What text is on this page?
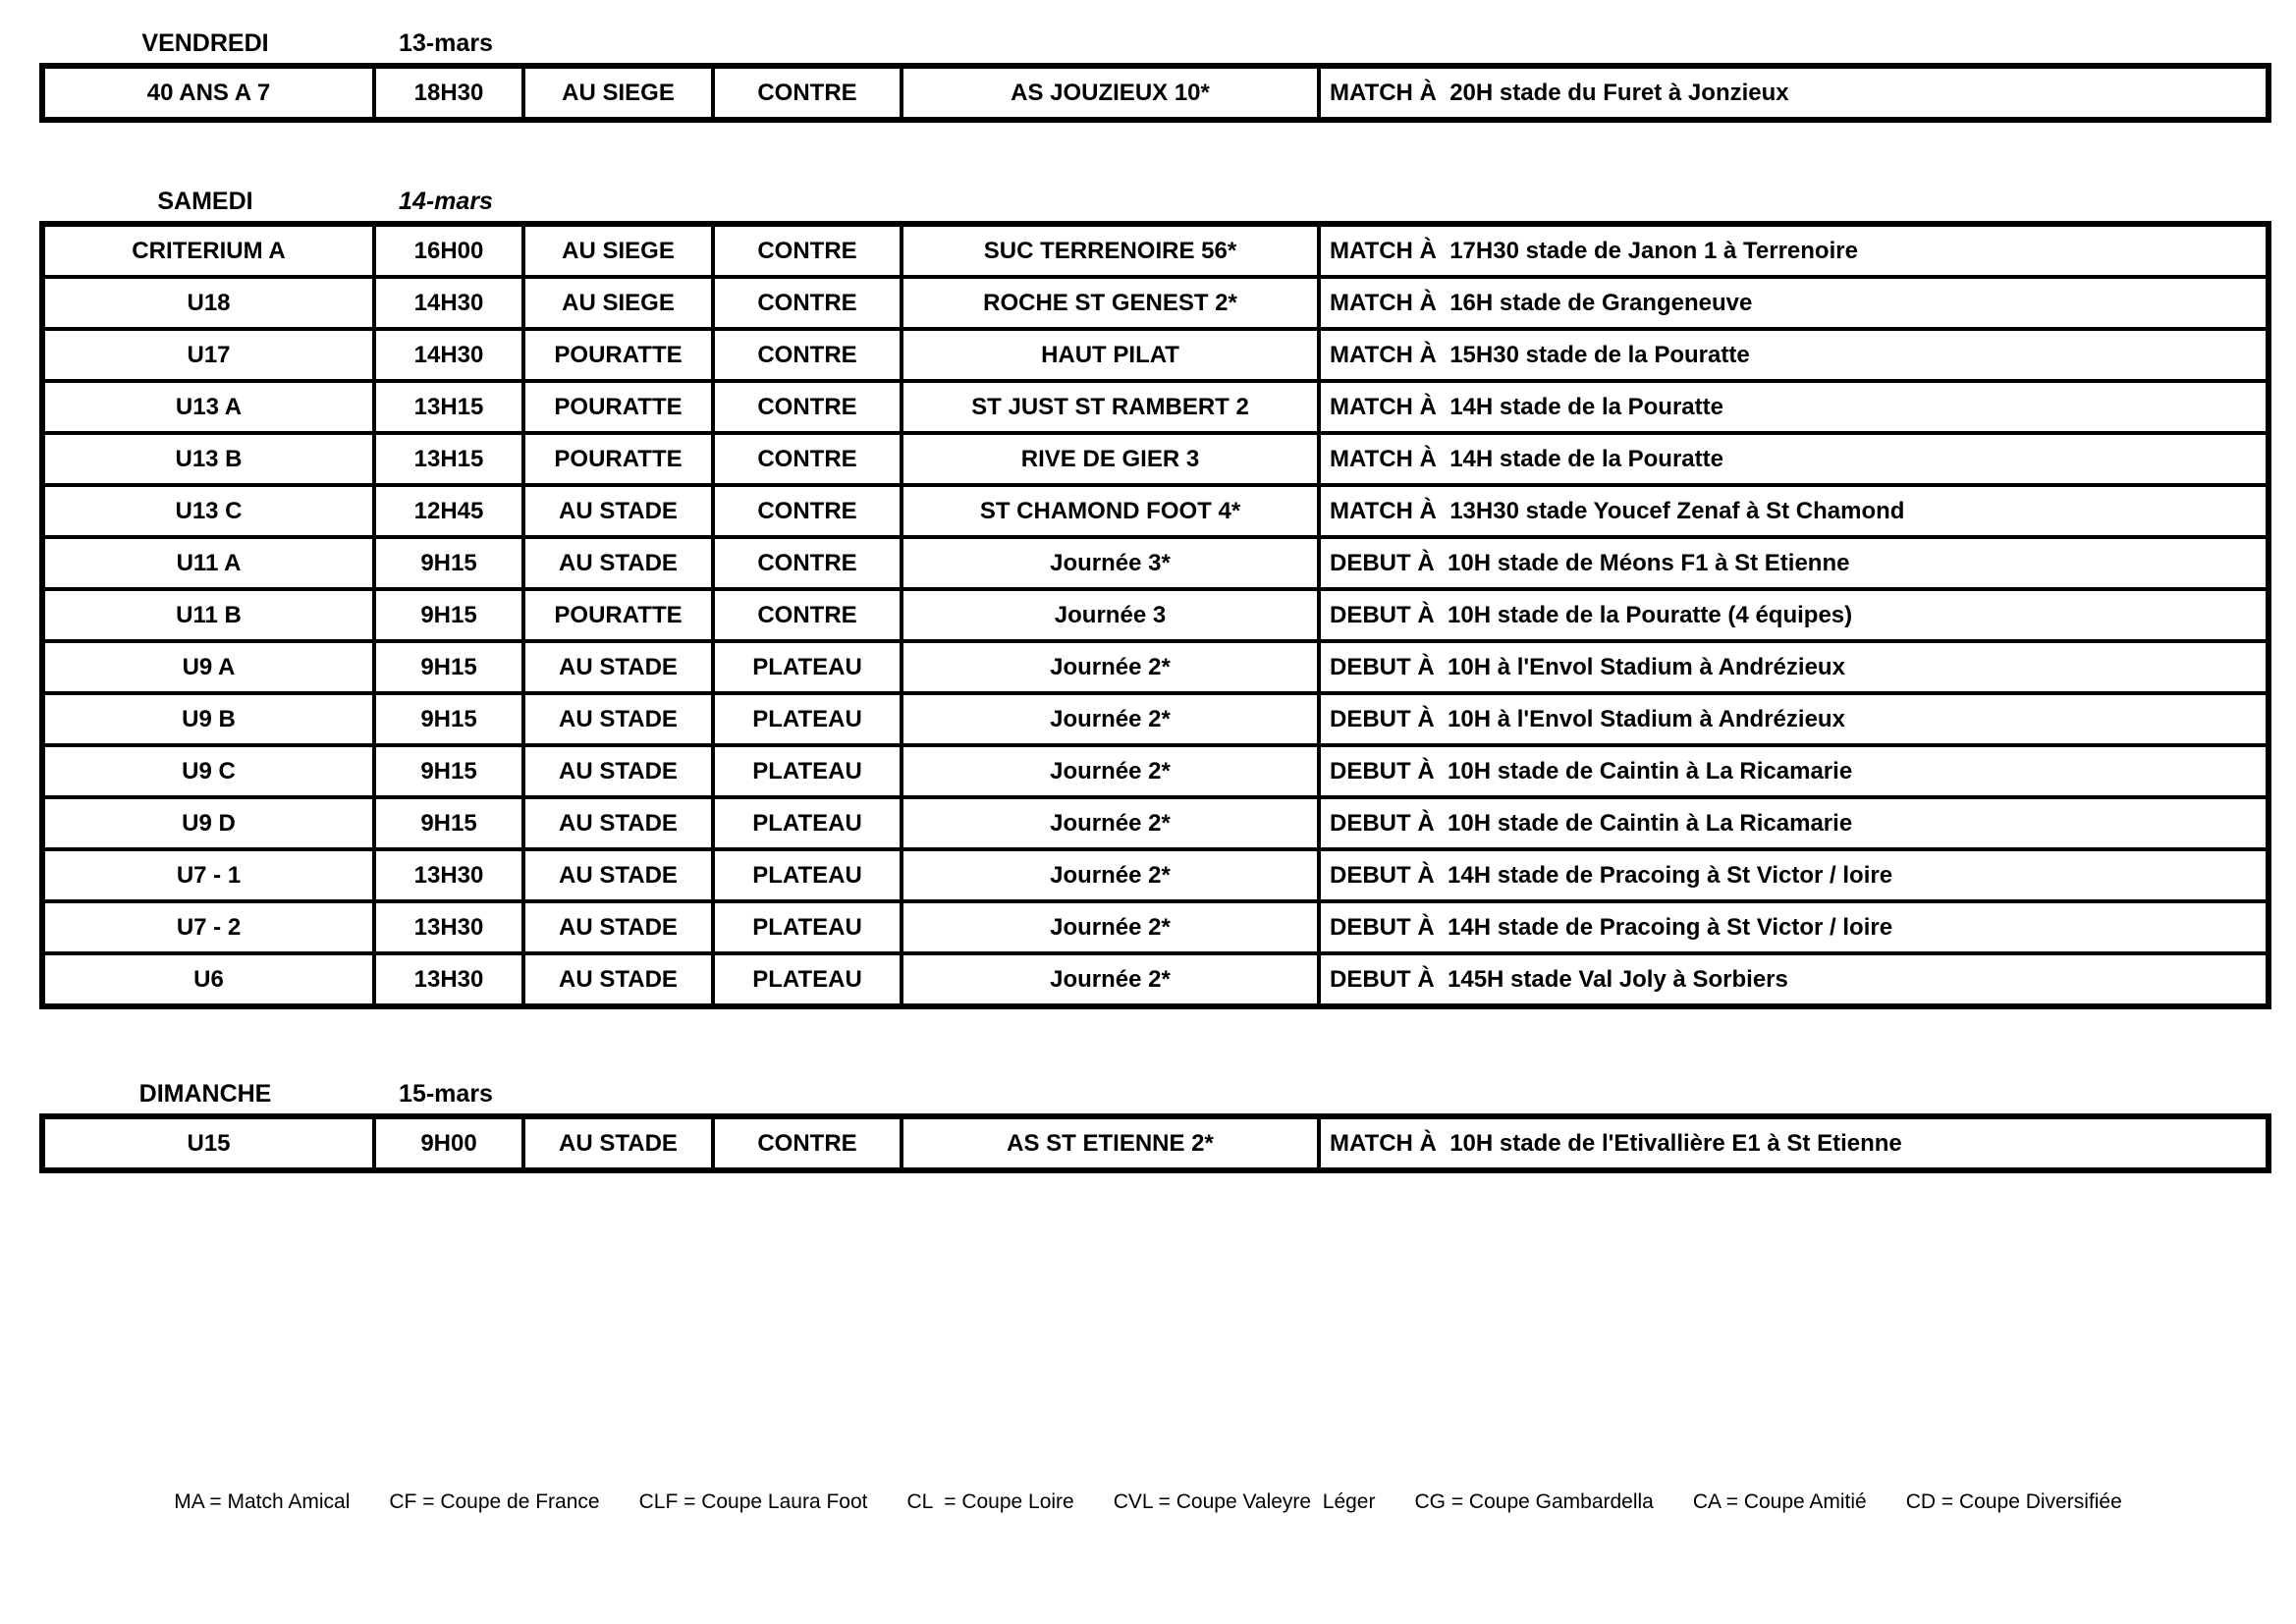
VENDREDI	13-mars
40 ANS A 7	18H30	AU SIEGE	CONTRE	AS JOUZIEUX 10*	MATCH À  20H stade du Furet à Jonzieux
SAMEDI	14-mars
CRITERIUM A	16H00	AU SIEGE	CONTRE	SUC TERRENOIRE 56*	MATCH À  17H30 stade de Janon 1 à Terrenoire
U18	14H30	AU SIEGE	CONTRE	ROCHE ST GENEST 2*	MATCH À  16H stade de Grangeneuve
U17	14H30	POURATTE	CONTRE	HAUT PILAT	MATCH À  15H30 stade de la Pouratte
U13 A	13H15	POURATTE	CONTRE	ST JUST ST RAMBERT 2	MATCH À  14H stade de la Pouratte
U13 B	13H15	POURATTE	CONTRE	RIVE DE GIER 3	MATCH À  14H stade de la Pouratte
U13 C	12H45	AU STADE	CONTRE	ST CHAMOND FOOT 4*	MATCH À  13H30 stade Youcef Zenaf à St Chamond
U11 A	9H15	AU STADE	CONTRE	Journée 3*	DEBUT À  10H stade de Méons F1 à St Etienne
U11 B	9H15	POURATTE	CONTRE	Journée 3	DEBUT À  10H stade de la Pouratte (4 équipes)
U9 A	9H15	AU STADE	PLATEAU	Journée 2*	DEBUT À  10H à l'Envol Stadium à Andrézieux
U9 B	9H15	AU STADE	PLATEAU	Journée 2*	DEBUT À  10H à l'Envol Stadium à Andrézieux
U9 C	9H15	AU STADE	PLATEAU	Journée 2*	DEBUT À  10H stade de Caintin à La Ricamarie
U9 D	9H15	AU STADE	PLATEAU	Journée 2*	DEBUT À  10H stade de Caintin à La Ricamarie
U7 - 1	13H30	AU STADE	PLATEAU	Journée 2*	DEBUT À  14H stade de Pracoing à St Victor / loire
U7 - 2	13H30	AU STADE	PLATEAU	Journée 2*	DEBUT À  14H stade de Pracoing à St Victor / loire
U6	13H30	AU STADE	PLATEAU	Journée 2*	DEBUT À  145H stade Val Joly à Sorbiers
DIMANCHE	15-mars
U15	9H00	AU STADE	CONTRE	AS ST ETIENNE 2*	MATCH À  10H stade de l'Etivallière E1 à St Etienne
MA = Match Amical CF = Coupe de France CLF = Coupe Laura Foot CL  = Coupe Loire CVL = Coupe Valeyre  Léger CG = Coupe Gambardella CA = Coupe Amitié CD = Coupe Diversifiée
